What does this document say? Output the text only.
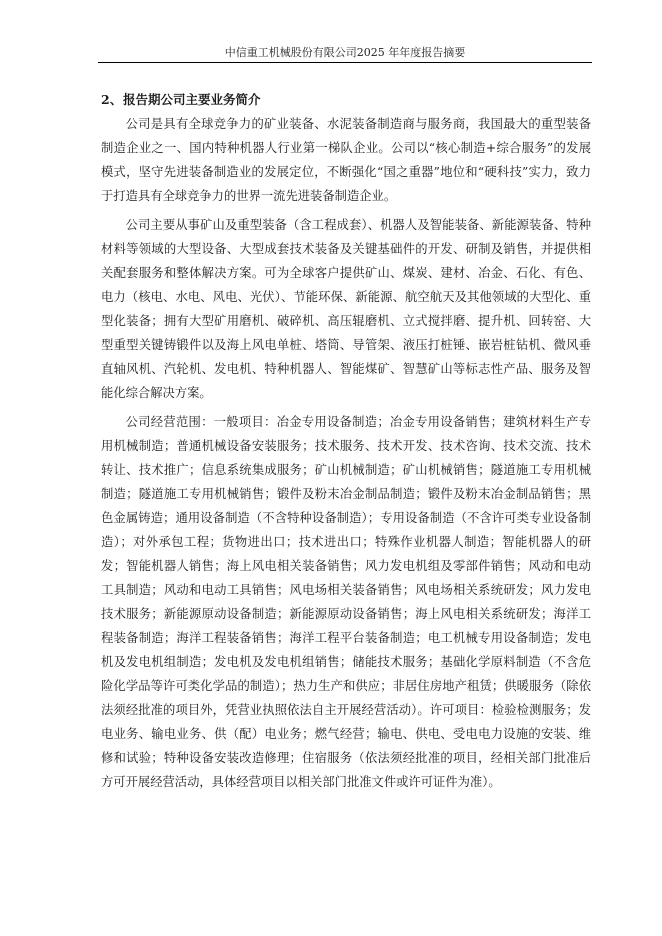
中信重工机械股份有限公司2025 年年度报告摘要
2、报告期公司主要业务简介

公司是具有全球竞争力的矿业装备、水泥装备制造商与服务商，我国最大的重型装备制造企业之一、国内特种机器人行业第一梯队企业。公司以“核心制造+综合服务”的发展模式，坚守先进装备制造业的发展定位，不断强化“国之重器”地位和“硬科技”实力，致力于打造具有全球竞争力的世界一流先进装备制造企业。

公司主要从事矿山及重型装备（含工程成套）、机器人及智能装备、新能源装备、特种材料等领域的大型设备、大型成套技术装备及关键基础件的开发、研制及销售，并提供相关配套服务和整体解决方案。可为全球客户提供矿山、煤炭、建材、冶金、石化、有色、电力（核电、水电、风电、光伏）、节能环保、新能源、航空航天及其他领域的大型化、重型化装备；拥有大型矿用磨机、破碎机、高压辊磨机、立式搅拌磨、提升机、回转窑、大型重型关键铸锻件以及海上风电单桩、塔筒、导管架、液压打桩锤、嵌岩桩钻机、微风垂直轴风机、汽轮机、发电机、特种机器人、智能煤矿、智慧矿山等标志性产品、服务及智能化综合解决方案。

公司经营范围：一般项目：冶金专用设备制造；冶金专用设备销售；建筑材料生产专用机械制造；普通机械设备安装服务；技术服务、技术开发、技术咨询、技术交流、技术转让、技术推广；信息系统集成服务；矿山机械制造；矿山机械销售；隧道施工专用机械制造；隧道施工专用机械销售；锻件及粉末冶金制品制造；锻件及粉末冶金制品销售；黑色金属铸造；通用设备制造（不含特种设备制造）；专用设备制造（不含许可类专业设备制造）；对外承包工程；货物进出口；技术进出口；特殊作业机器人制造；智能机器人的研发；智能机器人销售；海上风电相关装备销售；风力发电机组及零部件销售；风动和电动工具制造；风动和电动工具销售；风电场相关装备销售；风电场相关系统研发；风力发电技术服务；新能源原动设备制造；新能源原动设备销售；海上风电相关系统研发；海洋工程装备制造；海洋工程装备销售；海洋工程平台装备制造；电工机械专用设备制造；发电机及发电机组制造；发电机及发电机组销售；储能技术服务；基础化学原料制造（不含危险化学品等许可类化学品的制造）；热力生产和供应；非居住房地产租赁；供暖服务（除依法须经批准的项目外，凭营业执照依法自主开展经营活动）。许可项目：检验检测服务；发电业务、输电业务、供（配）电业务；燃气经营；输电、供电、受电电力设施的安装、维修和试验；特种设备安装改造修理；住宿服务（依法须经批准的项目，经相关部门批准后方可开展经营活动，具体经营项目以相关部门批准文件或许可证件为准）。
